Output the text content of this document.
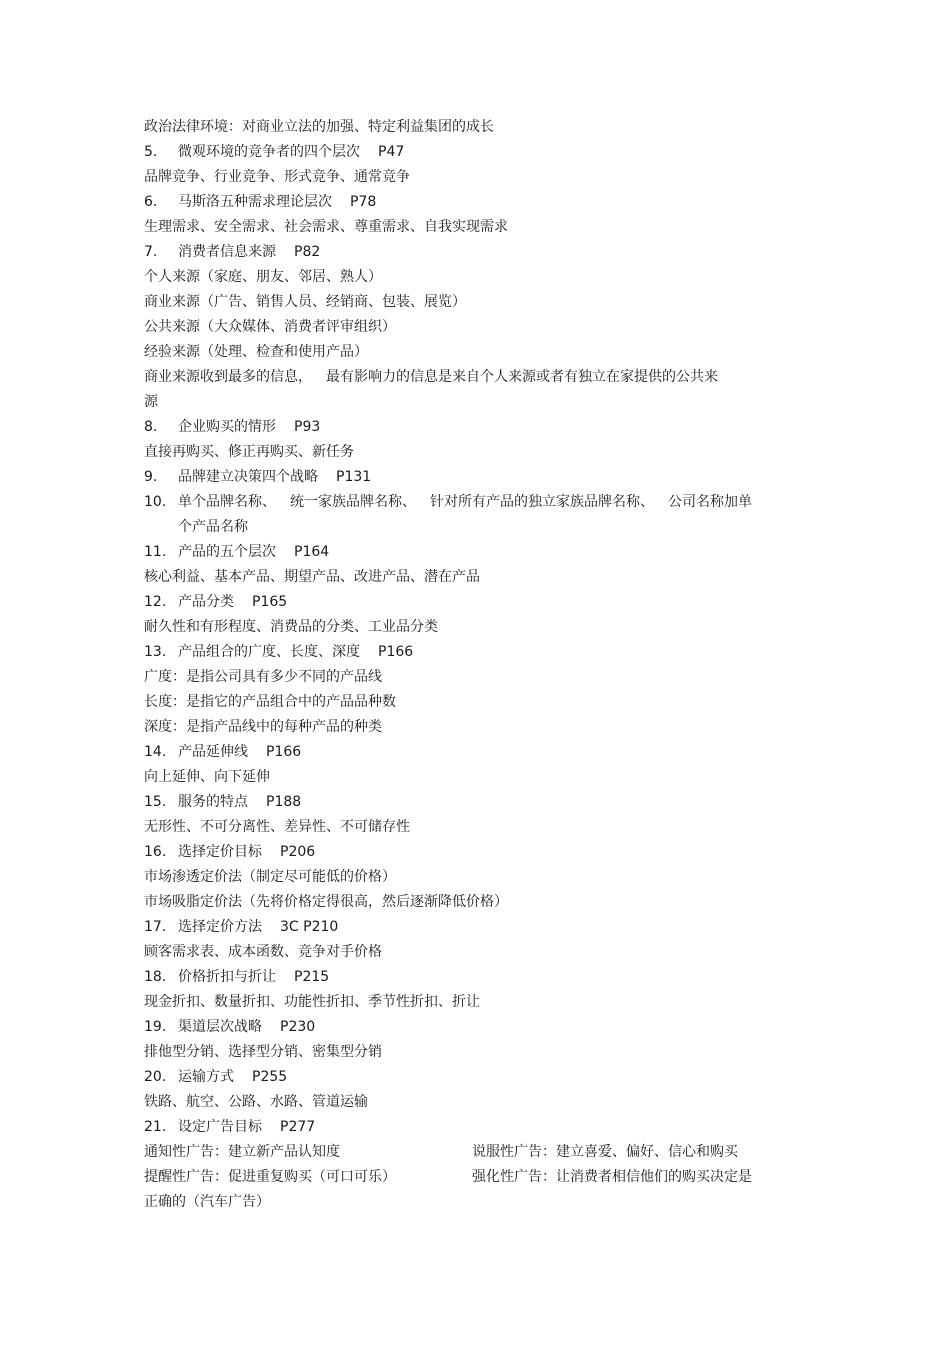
政治法律环境：对商业立法的加强、特定利益集团的成长
5. 微观环境的竞争者的四个层次 P47
品牌竞争、行业竞争、形式竞争、通常竞争
6. 马斯洛五种需求理论层次 P78
生理需求、安全需求、社会需求、尊重需求、自我实现需求
7. 消费者信息来源 P82
个人来源（家庭、朋友、邻居、熟人）
商业来源（广告、销售人员、经销商、包装、展览）
公共来源（大众媒体、消费者评审组织）
经验来源（处理、检查和使用产品）
商业来源收到最多的信息， 最有影响力的信息是来自个人来源或者有独立在家提供的公共来
源
8. 企业购买的情形 P93
直接再购买、修正再购买、新任务
9. 品牌建立决策四个战略 P131
10. 单个品牌名称、 统一家族品牌名称、 针对所有产品的独立家族品牌名称、 公司名称加单
个产品名称
11. 产品的五个层次 P164
核心利益、基本产品、期望产品、改进产品、潜在产品
12. 产品分类 P165
耐久性和有形程度、消费品的分类、工业品分类
13. 产品组合的广度、长度、深度 P166
广度：是指公司具有多少不同的产品线
长度：是指它的产品组合中的产品品种数
深度：是指产品线中的每种产品的种类
14. 产品延伸线 P166
向上延伸、向下延伸
15. 服务的特点 P188
无形性、不可分离性、差异性、不可储存性
16. 选择定价目标 P206
市场渗透定价法（制定尽可能低的价格）
市场吸脂定价法（先将价格定得很高，然后逐渐降低价格）
17. 选择定价方法 3C P210
顾客需求表、成本函数、竞争对手价格
18. 价格折扣与折让 P215
现金折扣、数量折扣、功能性折扣、季节性折扣、折让
19. 渠道层次战略 P230
排他型分销、选择型分销、密集型分销
20. 运输方式 P255
铁路、航空、公路、水路、管道运输
21. 设定广告目标 P277
通知性广告：建立新产品认知度	说服性广告：建立喜爱、偏好、信心和购买
提醒性广告：促进重复购买（可口可乐）	强化性广告：让消费者相信他们的购买决定是
正确的（汽车广告）
